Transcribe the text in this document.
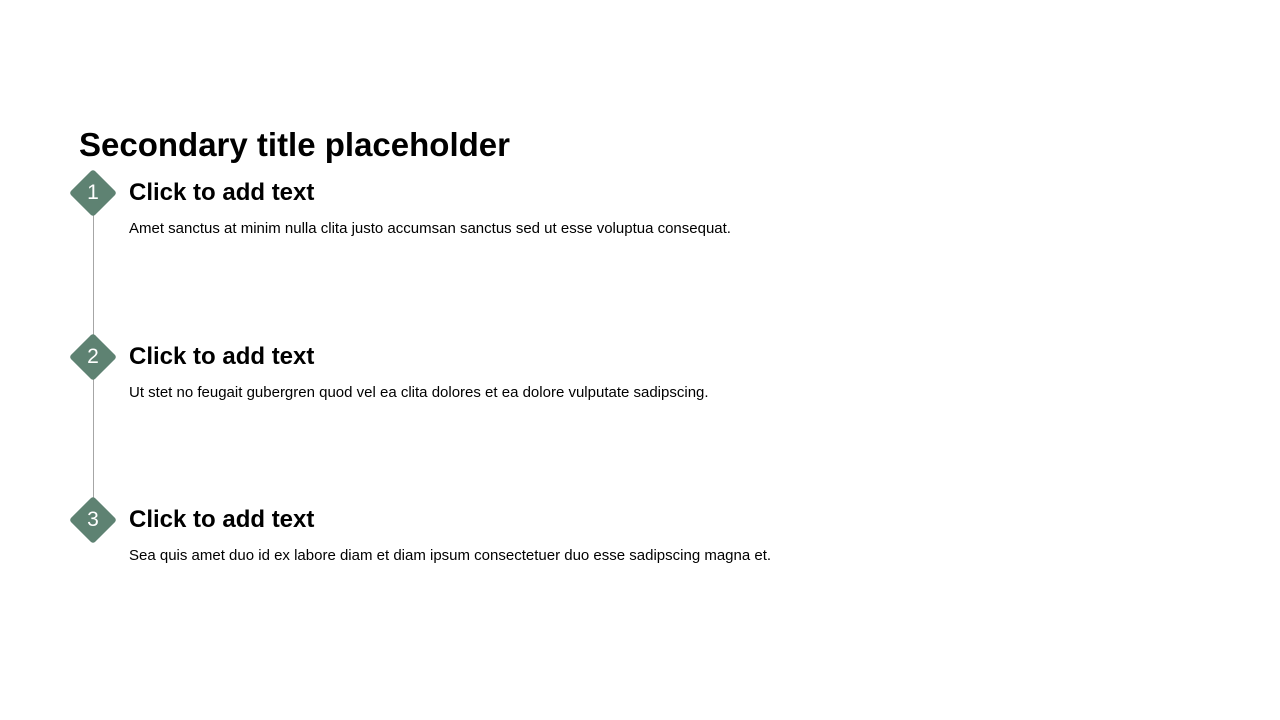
Secondary title placeholder
1	Click to add text

Amet sanctus at minim nulla clita justo accumsan sanctus sed ut esse voluptua consequat.

2	Click to add text

Ut stet no feugait gubergren quod vel ea clita dolores et ea dolore vulputate sadipscing.

3	Click to add text

Sea quis amet duo id ex labore diam et diam ipsum consectetuer duo esse sadipscing magna et.
